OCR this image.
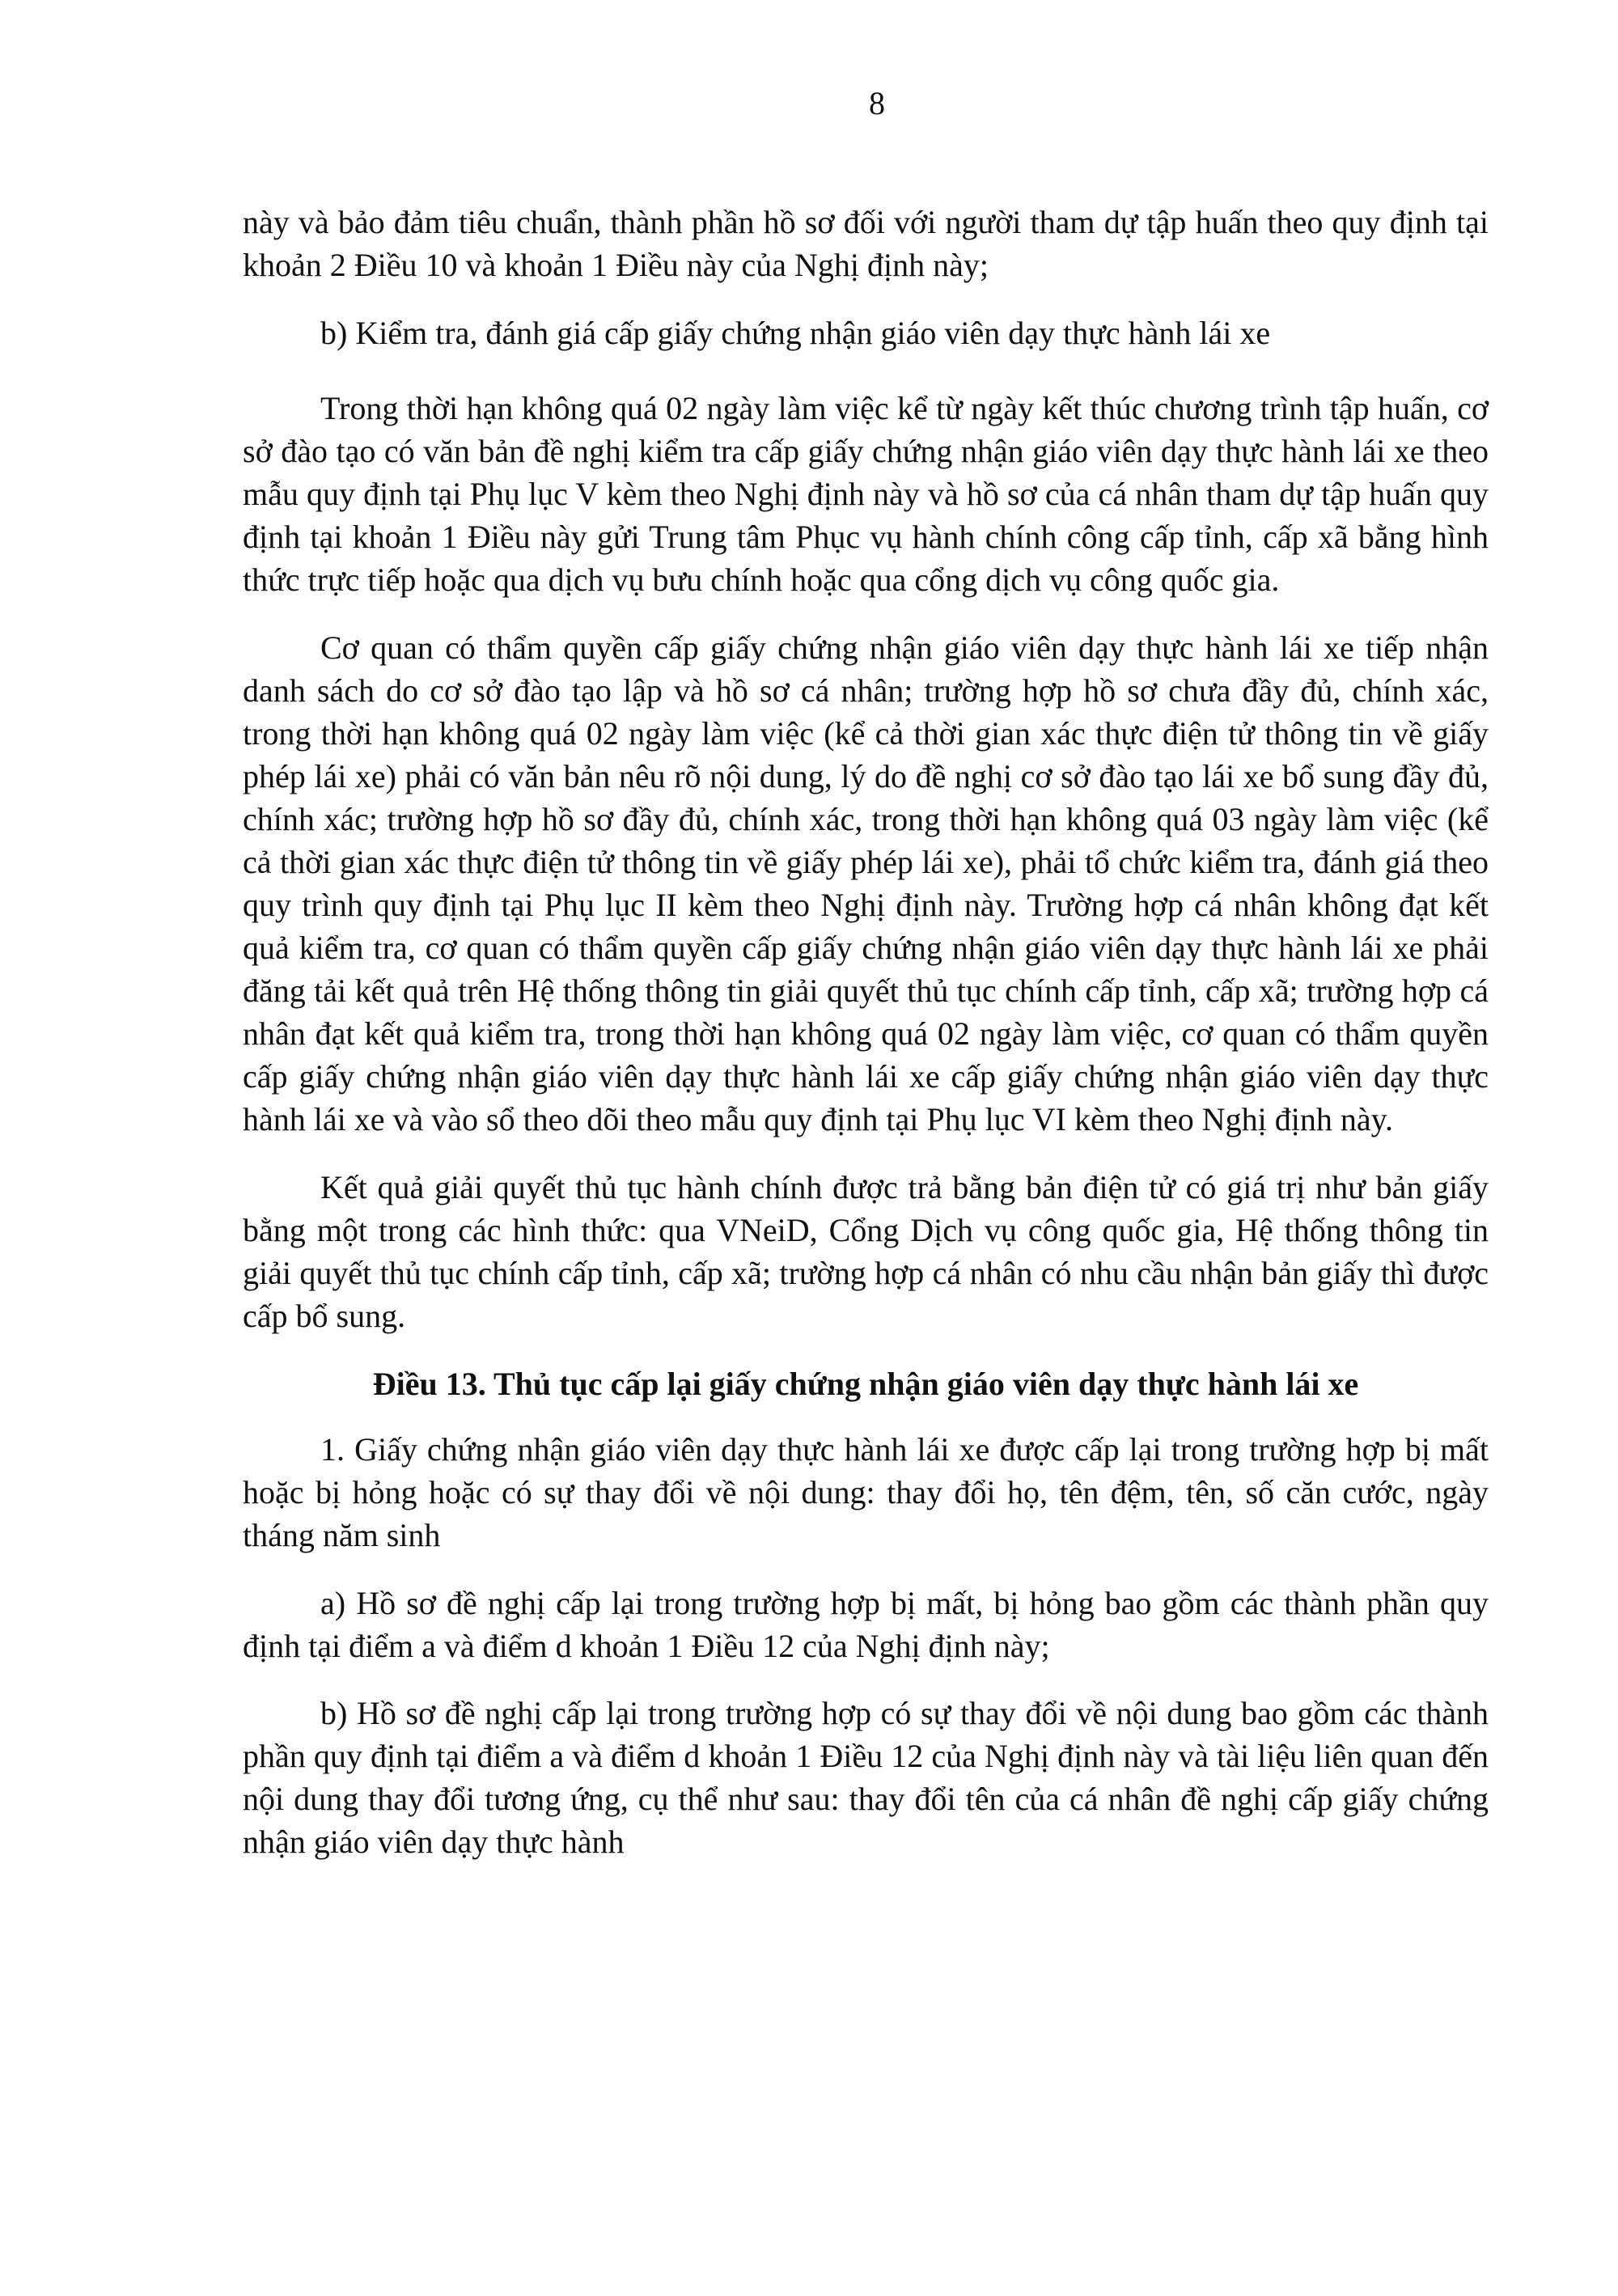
8

này và bảo đảm tiêu chuẩn, thành phần hồ sơ đối với người tham dự tập huấn theo quy định tại khoản 2 Điều 10 và khoản 1 Điều này của Nghị định này;

b) Kiểm tra, đánh giá cấp giấy chứng nhận giáo viên dạy thực hành lái xe

Trong thời hạn không quá 02 ngày làm việc kể từ ngày kết thúc chương trình tập huấn, cơ sở đào tạo có văn bản đề nghị kiểm tra cấp giấy chứng nhận giáo viên dạy thực hành lái xe theo mẫu quy định tại Phụ lục V kèm theo Nghị định này và hồ sơ của cá nhân tham dự tập huấn quy định tại khoản 1 Điều này gửi Trung tâm Phục vụ hành chính công cấp tỉnh, cấp xã bằng hình thức trực tiếp hoặc qua dịch vụ bưu chính hoặc qua cổng dịch vụ công quốc gia.

Cơ quan có thẩm quyền cấp giấy chứng nhận giáo viên dạy thực hành lái xe tiếp nhận danh sách do cơ sở đào tạo lập và hồ sơ cá nhân; trường hợp hồ sơ chưa đầy đủ, chính xác, trong thời hạn không quá 02 ngày làm việc (kể cả thời gian xác thực điện tử thông tin về giấy phép lái xe) phải có văn bản nêu rõ nội dung, lý do đề nghị cơ sở đào tạo lái xe bổ sung đầy đủ, chính xác; trường hợp hồ sơ đầy đủ, chính xác, trong thời hạn không quá 03 ngày làm việc (kể cả thời gian xác thực điện tử thông tin về giấy phép lái xe), phải tổ chức kiểm tra, đánh giá theo quy trình quy định tại Phụ lục II kèm theo Nghị định này. Trường hợp cá nhân không đạt kết quả kiểm tra, cơ quan có thẩm quyền cấp giấy chứng nhận giáo viên dạy thực hành lái xe phải đăng tải kết quả trên Hệ thống thông tin giải quyết thủ tục chính cấp tỉnh, cấp xã; trường hợp cá nhân đạt kết quả kiểm tra, trong thời hạn không quá 02 ngày làm việc, cơ quan có thẩm quyền cấp giấy chứng nhận giáo viên dạy thực hành lái xe cấp giấy chứng nhận giáo viên dạy thực hành lái xe và vào sổ theo dõi theo mẫu quy định tại Phụ lục VI kèm theo Nghị định này.

Kết quả giải quyết thủ tục hành chính được trả bằng bản điện tử có giá trị như bản giấy bằng một trong các hình thức: qua VNeiD, Cổng Dịch vụ công quốc gia, Hệ thống thông tin giải quyết thủ tục chính cấp tỉnh, cấp xã; trường hợp cá nhân có nhu cầu nhận bản giấy thì được cấp bổ sung.

Điều 13. Thủ tục cấp lại giấy chứng nhận giáo viên dạy thực hành lái xe

1. Giấy chứng nhận giáo viên dạy thực hành lái xe được cấp lại trong trường hợp bị mất hoặc bị hỏng hoặc có sự thay đổi về nội dung: thay đổi họ, tên đệm, tên, số căn cước, ngày tháng năm sinh

a) Hồ sơ đề nghị cấp lại trong trường hợp bị mất, bị hỏng bao gồm các thành phần quy định tại điểm a và điểm d khoản 1 Điều 12 của Nghị định này;

b) Hồ sơ đề nghị cấp lại trong trường hợp có sự thay đổi về nội dung bao gồm các thành phần quy định tại điểm a và điểm d khoản 1 Điều 12 của Nghị định này và tài liệu liên quan đến nội dung thay đổi tương ứng, cụ thể như sau: thay đổi tên của cá nhân đề nghị cấp giấy chứng nhận giáo viên dạy thực hành
